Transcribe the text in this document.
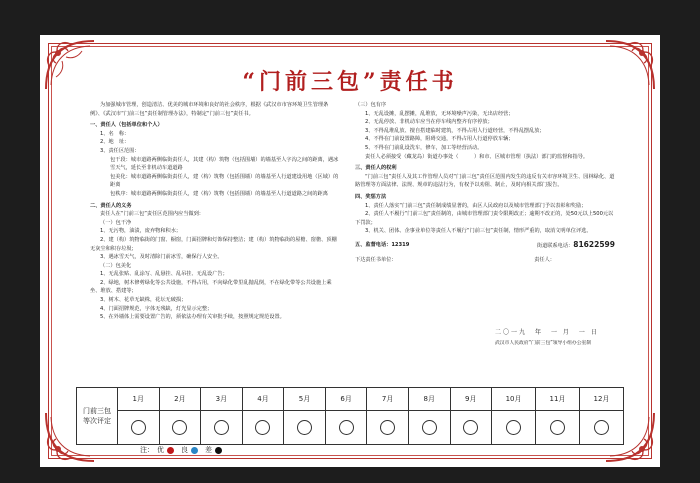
“门前三包”责任书

为加强城市管理，创造清洁、优美的城市环境和良好的社会秩序，根据《武汉市市容环境卫生管理条例》、《武汉市“门前三包”责任制管理办法》，特制定“门前三包”责任书。

一、责任人（包括单位和个人）

1、名　称：

2、地　址：

3、责任区范围：

包干段：城市道路两侧临街责任人，其建（构）筑物（包括围墙）的墙基至人字沟之间的距离，遇冰雪天气，延长至非机动车道道路

包美化：城市道路两侧临街责任人，建（构）筑物（包括围墙）的墙基至人行道建设用地（区域）的距离

包秩序：城市道路两侧临街责任人，建（构）筑物（包括围墙）的墙基至人行道道路之间的距离

二、责任人的义务

责任人在“门前三包”责任区范围内应当做到：

（一）包干净

1、无污物，油渍，废弃物和积水；

2、建（构）筑物临街的门窗、橱窗，门面招牌和灯饰保持整洁；建（构）筑物临街的屋檐、窗檐、顶棚无灰尘和积存垃圾；

3、遇冰雪天气，及时清除门前冰雪，确保行人安全。

（二）包美化

1、无乱张贴、乱涂写、乱悬挂、乱吊挂、无乱设广告；

2、绿地，树木修剪绿化等公共设施，不得占用，不向绿化带里乱抛乱倒，不在绿化带等公共设施上乘坐、堆放、搭建等；

3、树木、花草无缺株，花坛无破损；

4、门面招牌规范，字体无残缺，灯光显示完整；

5、在外墙体上需要设置广告的，须依法办理有关审批手续，按照规定规范设置。

（三）包有序

1、无乱设摊，乱摆摊，乱堆放，无环境噪声污染，无出店经营；

2、无乱停放、非机动车应当在停车线内整齐有序停放；

3、不得乱堆乱放、擅自搭建临时建筑，不得占用人行道经营，不得乱摆乱放；

4、不得在门前设置路障，阻碍交通，不得占用人行道停放车辆；

5、不得在门前乱设洗车，修车，加工等经营活动。

责任人必须接受（藏龙岛）街道办事处（　　　）和市、区城市管理（执法）部门的监督和指导。

三、责任人的权利

“门前三包”责任人及其工作管理人员对“门前三包”责任区范围内发生的违反有关市容环境卫生、园林绿化、道路管理等方面法律、法规、规章的违法行为，有权予以劝阻、制止，及时向相关部门报告。

四、奖惩方法

1、责任人落实“门前三包”责任制成绩显著的，由区人民政府以及城市管理部门予以表彰和奖励；

2、责任人不履行“门前三包”责任制的，由城市管理部门责令限期改正；逾期不改正的，处50元以上500元以下罚款；

3、机关、团体、企事业单位等责任人不履行“门前三包”责任制，情形严重的，取消文明单位评选。

五、监督电话：12319	街道联系电话：81622599

下达责任书单位：	责任人：

二〇一九　年　一 月　一 日
武汉市人民政府“门前三包”领导小组办公室制
门前三包
等次评定	1月	2月	3月	4月	5月	6月	7月	8月	9月	10月	11月	12月

注： 优 良 差
